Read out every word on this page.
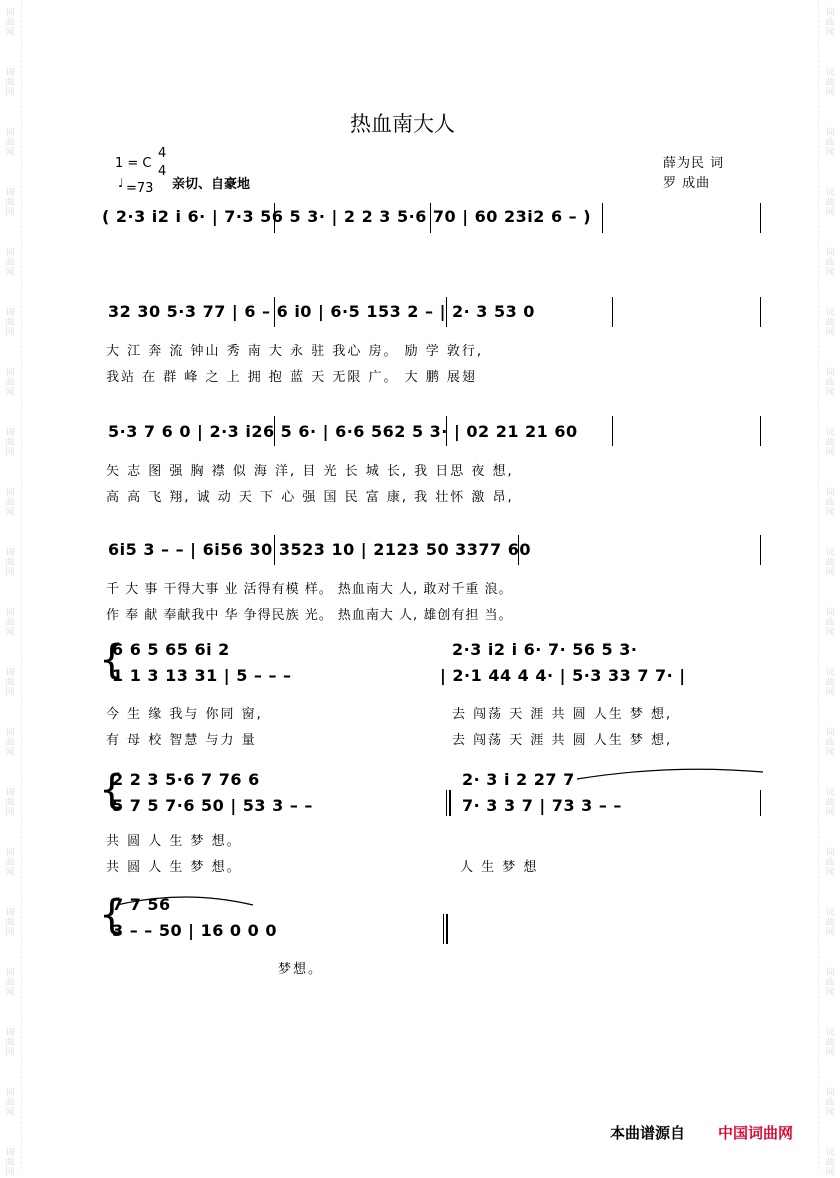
词
曲
网
词
曲
网
词
曲
网
词
曲
网
词
曲
网
词
曲
网
词
曲
网
词
曲
网
词
曲
网
词
曲
网
词
曲
网
词
曲
网
词
曲
网
词
曲
网
词
曲
网
词
曲
网
词
曲
网
词
曲
网
词
曲
网
词
曲
网
词
曲
网
词
曲
网
词
曲
网
词
曲
网
词
曲
网
词
曲
网
词
曲
网
词
曲
网
词
曲
网
词
曲
网
词
曲
网
词
曲
网
词
曲
网
词
曲
网
词
曲
网
词
曲
网
词
曲
网
词
曲
网
词
曲
网
词
曲
网
热血南大人
1 = C
4
4
♩ =73 亲切、自豪地
薛为民 词
罗 成曲
( 2·3 i2 i 6· | 7·3 56 5 3· | 2 2 3 5·6 70 | 60 23i2 6 – )
32 30 5·3 77 | 6 – 6 i0 | 6·5 153 2 – | 2· 3 53 0
大 江 奔 流 钟山 秀 南 大 永 驻 我心 房。 励 学 敦行,
我站 在 群 峰 之 上 拥 抱 蓝 天 无限 广。 大 鹏 展翅
5·3 7 6 0 | 2·3 i26 5 6· | 6·6 562 5 3· | 02 21 21 60
矢 志 图 强 胸 襟 似 海 洋, 目 光 长 城 长, 我 日思 夜 想,
高 高 飞 翔, 诚 动 天 下 心 强 国 民 富 康, 我 壮怀 激 昂,
6i5 3 – – | 6i56 30 3523 10 | 2123 50 3377 60
千 大 事 干得大事 业 活得有模 样。 热血南大 人, 敢对千重 浪。
作 奉 献 奉献我中 华 争得民族 光。 热血南大 人, 雄创有担 当。
{
6 6 5 65 6i 2
1 1 3 13 31 | 5 – – –
2·3 i2 i 6· 7· 56 5 3·
| 2·1 44 4 4· | 5·3 33 7 7· |
今 生 缘 我与 你同 窗,
有 母 校 智慧 与力 量
去 闯荡 天 涯 共 圆 人生 梦 想,
去 闯荡 天 涯 共 圆 人生 梦 想,
{
2 2 3 5·6 7 76 6
5 7 5 7·6 50 | 53 3 – –
2· 3 i 2 27 7
7· 3 3 7 | 73 3 – –
共 圆 人 生 梦 想。
共 圆 人 生 梦 想。	人 生 梦 想
{
7 7 56
3 – – 50 | 16 0 0 0
梦想。
本曲谱源自 中国词曲网
